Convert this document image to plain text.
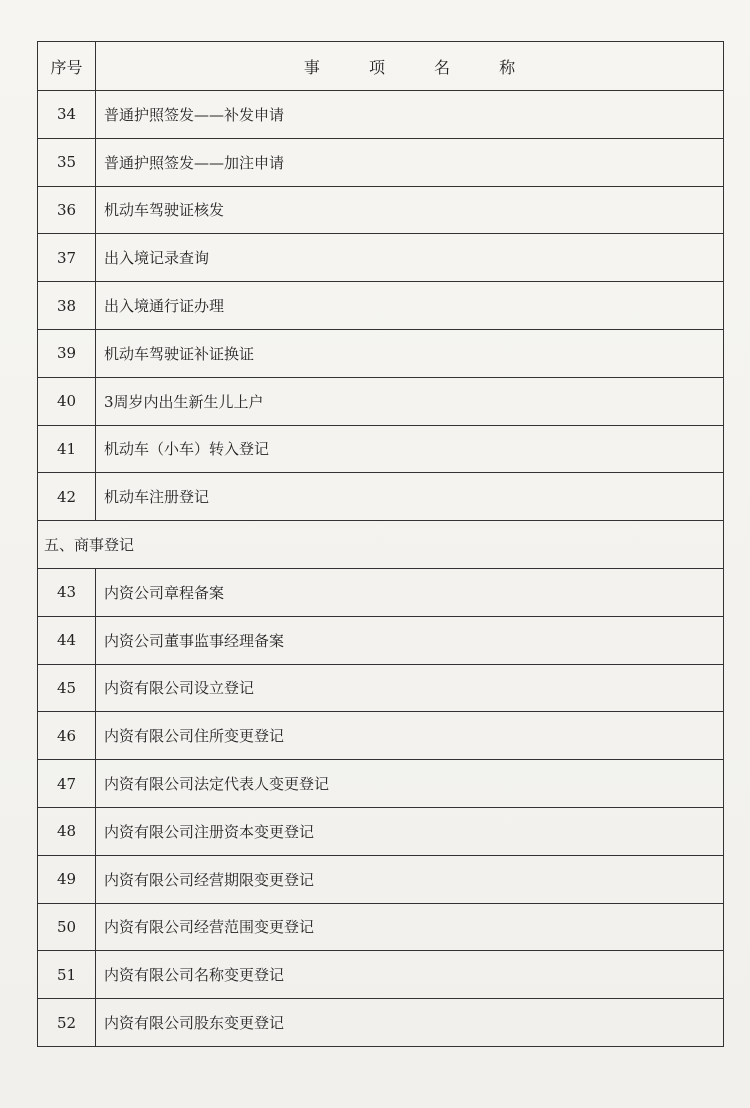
序号	事 项 名 称
34	普通护照签发——补发申请
35	普通护照签发——加注申请
36	机动车驾驶证核发
37	出入境记录查询
38	出入境通行证办理
39	机动车驾驶证补证换证
40	3周岁内出生新生儿上户
41	机动车（小车）转入登记
42	机动车注册登记
五、商事登记	
43	内资公司章程备案
44	内资公司董事监事经理备案
45	内资有限公司设立登记
46	内资有限公司住所变更登记
47	内资有限公司法定代表人变更登记
48	内资有限公司注册资本变更登记
49	内资有限公司经营期限变更登记
50	内资有限公司经营范围变更登记
51	内资有限公司名称变更登记
52	内资有限公司股东变更登记
